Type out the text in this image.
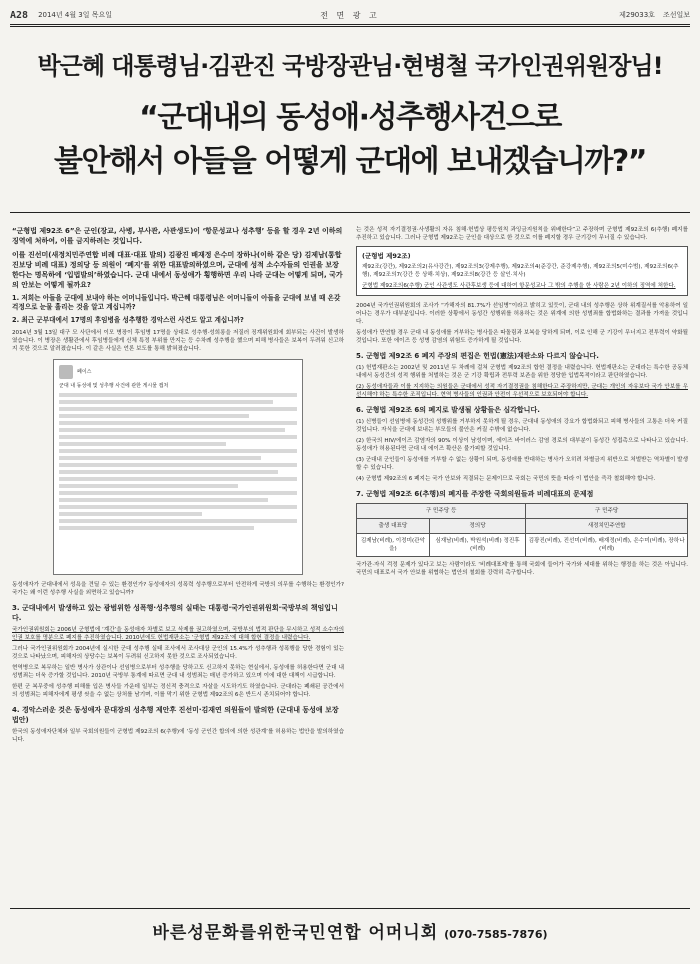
A28 2014년 4월 3일 목요일	전 면 광 고	제29033호 조선일보
박근혜 대통령님·김관진 국방장관님·현병철 국가인권위원장님!
“군대내의 동성애·성추행사건으로
불안해서 아들을 어떻게 군대에 보내겠습니까?”
“군형법 제92조 6”은 군인(장교, 사병, 부사관, 사관생도)이 ‘항문성교나 성추행’ 등을 할 경우 2년 이하의 징역에 처하여, 이를 금지하려는 것입니다.
이를 진선미(새정치민주연합 비례 대표·대표 발의) 김광진 배재정 은수미 장하나(이하 같은 당) 김제남(통합진보당 비례 대표) 정의당 등 의원이 ‘폐지’를 위한 대표발의하였으며, 군대에 성적 소수자들의 인권을 보장한다는 명목하에 ‘입법발의’하였습니다. 군대 내에서 동성애가 횡행하면 우리 나라 군대는 어떻게 되며, 국가의 안보는 어떻게 될까요?
1. 저희는 아들을 군대에 보내야 하는 어머니들입니다. 박근혜 대통령님은 어머니들이 아들을 군대에 보낼 때 온갖 걱정으로 눈물 흘리는 것을 알고 계십니까?
2. 최근 군부대에서 17명의 후임병을 성추행한 경악스런 사건도 알고 계십니까?
2014년 3월 13일 대구 모 사단에서 이모 병장이 후임병 17명을 상대로 성추행·성희롱을 저질러 징계위원회에 회부되는 사건이 발생하였습니다. 이 병장은 생활관에서 후임병들에게 신체 특정 부위를 만지는 등 수차례 성추행을 했으며 피해 병사들은 보복이 두려워 신고하지 못한 것으로 알려졌습니다. 이 같은 사실은 언론 보도를 통해 밝혀졌습니다.
페이스
군대 내 동성애 및 성추행 사건에 관한 게시물 캡처
동성애자가 군대내에서 성욕을 견딜 수 있는 환경인가? 동성애자의 성폭력 성추행으로부터 안전하게 국방의 의무를 수행하는 환경인가? 국가는 왜 이런 성추행 사실을 외면하고 있습니까?
3. 군대내에서 발생하고 있는 광범위한 성폭행·성추행의 실태는 대통령·국가인권위원회·국방부의 책임입니다.
국가인권위원회는 2006년 군형법에 ‘계간’을 동성애자 차별로 보고 삭제를 권고하였으며, 국방부의 법적 판단을 무시하고 성적 소수자의 인권 보호를 명분으로 폐지를 추진하였습니다. 2010년에도 헌법재판소는 ‘군형법 제92조’에 대해 합헌 결정을 내렸습니다.
그러나 국가인권위원회가 2004년에 실시한 군대 성추행 실태 조사에서 조사대상 군인의 15.4%가 성추행과 성폭행을 당한 경험이 있는 것으로 나타났으며, 피해자의 상당수는 보복이 두려워 신고하지 못한 것으로 조사되었습니다.
현역병으로 복무하는 일반 병사가 상관이나 선임병으로부터 성추행을 당하고도 신고하지 못하는 현실에서, 동성애를 허용한다면 군대 내 성범죄는 더욱 증가할 것입니다. 2010년 국방부 통계에 따르면 군대 내 성범죄는 매년 증가하고 있으며 이에 대한 대책이 시급합니다.
한편 군 복무중에 성추행 피해를 입은 병사들 가운데 일부는 정신적 충격으로 자살을 시도하기도 하였습니다. 군대라는 폐쇄된 공간에서의 성범죄는 피해자에게 평생 씻을 수 없는 상처를 남기며, 이를 막기 위한 군형법 제92조의 6은 반드시 존치되어야 합니다.
4. 경악스러운 것은 동성애자 문대장의 성추행 제안후 진선미·김재연 의원들이 발의한 (군대내 동성애 보장법안)
한국의 동성애자단체와 일부 국회의원들이 군형법 제92조의 6(추행)에 ‘동성 군인간 합의에 의한 성관계’를 허용하는 법안을 발의하였습니다.
는 것은 성적 자기결정권·사생활의 자유 침해·헌법상 평등원칙 과잉금지원칙을 위배한다”고 주장하며 군형법 제92조의 6(추행) 폐지를 추진하고 있습니다. 그러나 군형법 제92조는 군인을 대상으로 한 것으로 이를 폐지할 경우 군기강이 무너질 수 있습니다.
(군형법 제92조)
제92조(강간), 제92조의2(유사강간), 제92조의3(강제추행), 제92조의4(준강간, 준강제추행), 제92조의5(미수범), 제92조의6(추행), 제92조의7(강간 등 상해·치상), 제92조의8(강간 등 살인·치사)
군형법 제92조의6(추행) 군인 사관생도 사관후보생 등에 대하여 항문성교나 그 밖의 추행을 한 사람은 2년 이하의 징역에 처한다.
2004년 국가인권위원회의 조사가 “가해자의 81.7%가 선임병”이라고 밝히고 있듯이, 군대 내의 성추행은 상하 위계질서를 악용하여 일어나는 경우가 대부분입니다. 이러한 상황에서 동성간 성행위를 허용하는 것은 위계에 의한 성범죄를 합법화하는 결과를 가져올 것입니다.
동성애가 만연할 경우 군대 내 동성애를 거부하는 병사들은 따돌림과 보복을 당하게 되며, 이로 인해 군 기강이 무너지고 전투력이 약화될 것입니다. 또한 에이즈 등 성병 감염의 위험도 증가하게 될 것입니다.
5. 군형법 제92조 6 폐지 주장의 편집은 헌법(憲法)재판소와 다르지 않습니다.
(1) 헌법재판소는 2002년 및 2011년 두 차례에 걸쳐 군형법 제92조의 합헌 결정을 내렸습니다. 헌법재판소는 군대라는 특수한 공동체 내에서 동성간의 성적 행위를 처벌하는 것은 군 기강 확립과 전투력 보존을 위한 정당한 입법목적이라고 판단하였습니다.
(2) 동성애자들과 이를 지지하는 의원들은 군대에서 성적 자기결정권을 침해한다고 주장하지만, 군대는 개인의 자유보다 국가 안보를 우선시해야 하는 특수한 조직입니다. 현역 병사들의 인권과 안전이 우선적으로 보호되어야 합니다.
6. 군형법 제92조 6의 폐지로 발생될 상황들은 심각합니다.
(1) 신병들이 선임병에 동성간의 성행위를 거부하지 못하게 될 경우, 군대내 동성애의 강요가 합법화되고 피해 병사들의 고통은 더욱 커질 것입니다. 자식을 군대에 보내는 부모들의 불안은 커질 수밖에 없습니다.
(2) 한국의 HIV/에이즈 감염자의 90% 이상이 남성이며, 에이즈 바이러스 감염 경로의 대부분이 동성간 성접촉으로 나타나고 있습니다. 동성애가 허용된다면 군대 내 에이즈 확산은 불가피할 것입니다.
(3) 군대내 군인들이 동성애를 거부할 수 없는 상황이 되며, 동성애를 반대하는 병사가 오히려 차별금지 위반으로 처벌받는 역차별이 발생할 수 있습니다.
(4) 군형법 제92조의 6 폐지는 국가 안보와 직결되는 문제이므로 국회는 국민의 뜻을 따라 이 법안을 즉각 철회해야 합니다.
7. 군형법 제92조 6(추행)의 폐지를 주장한 국회의원들과 비례대표의 문제점
구 민주당 등		구 민주당
출생 대표당	정의당	새정치민주연합
김제남(비례), 이정미(관악 을)	심재남(비례), 박원석(비례) 정진후(비례)	김광진(비례), 진선미(비례), 배재정(비례), 은수미(비례), 장하나(비례)
국가관·자식 걱정 문제가 있다고 보는 사람이라도 ‘비례대표제’를 통해 국회에 들어가 국가와 세대를 위하는 행정을 하는 것은 아닙니다. 국민의 대표로서 국가 안보를 위협하는 법안의 철회를 강력히 촉구합니다.
바른성문화를위한국민연합 어머니회 (070-7585-7876)
